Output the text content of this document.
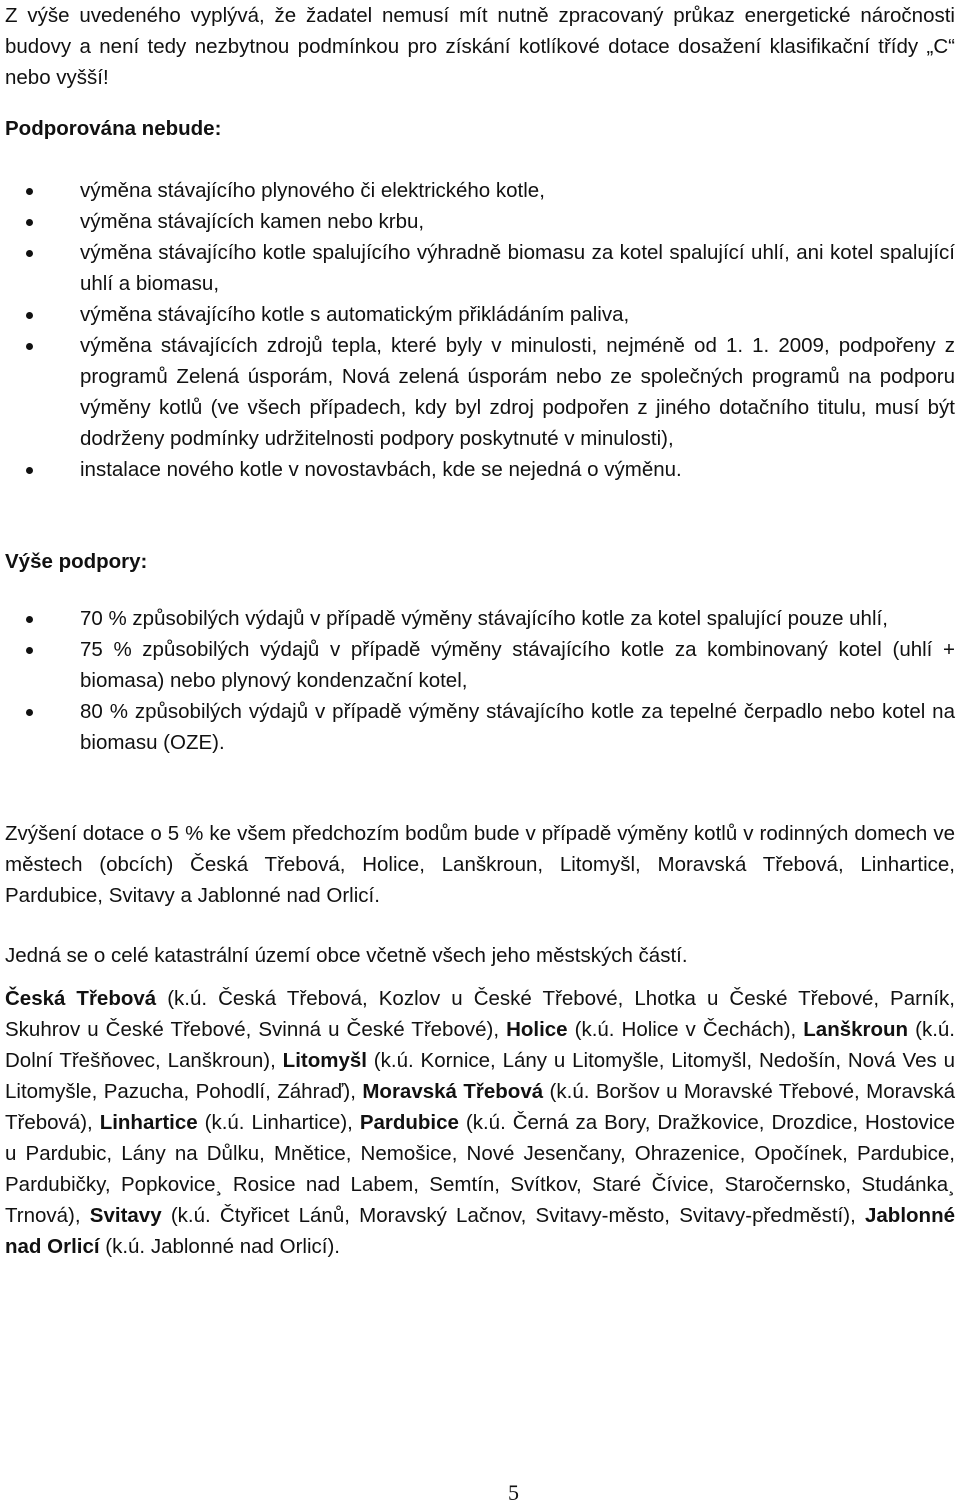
Z výše uvedeného vyplývá, že žadatel nemusí mít nutně zpracovaný průkaz energetické náročnosti budovy a není tedy nezbytnou podmínkou pro získání kotlíkové dotace dosažení klasifikační třídy „C“ nebo vyšší!

Podporována nebude:

výměna stávajícího plynového či elektrického kotle,
výměna stávajících kamen nebo krbu,
výměna stávajícího kotle spalujícího výhradně biomasu za kotel spalující uhlí, ani kotel spalující uhlí a biomasu,
výměna stávajícího kotle s automatickým přikládáním paliva,
výměna stávajících zdrojů tepla, které byly v minulosti, nejméně od 1. 1. 2009, podpořeny z programů Zelená úsporám, Nová zelená úsporám nebo ze společných programů na podporu výměny kotlů (ve všech případech, kdy byl zdroj podpořen z jiného dotačního titulu, musí být dodrženy podmínky udržitelnosti podpory poskytnuté v minulosti),
instalace nového kotle v novostavbách, kde se nejedná o výměnu.

Výše podpory:

70 % způsobilých výdajů v případě výměny stávajícího kotle za kotel spalující pouze uhlí,
75 % způsobilých výdajů v případě výměny stávajícího kotle za kombinovaný kotel (uhlí + biomasa) nebo plynový kondenzační kotel,
80 % způsobilých výdajů v případě výměny stávajícího kotle za tepelné čerpadlo nebo kotel na biomasu (OZE).

Zvýšení dotace o 5 % ke všem předchozím bodům bude v případě výměny kotlů v rodinných domech ve městech (obcích) Česká Třebová, Holice, Lanškroun, Litomyšl, Moravská Třebová, Linhartice, Pardubice, Svitavy a Jablonné nad Orlicí.

Jedná se o celé katastrální území obce včetně všech jeho městských částí.

Česká Třebová (k.ú. Česká Třebová, Kozlov u České Třebové, Lhotka u České Třebové, Parník, Skuhrov u České Třebové, Svinná u České Třebové), Holice (k.ú. Holice v Čechách), Lanškroun (k.ú. Dolní Třešňovec, Lanškroun), Litomyšl (k.ú. Kornice, Lány u Litomyšle, Litomyšl, Nedošín, Nová Ves u Litomyšle, Pazucha, Pohodlí, Záhraď), Moravská Třebová (k.ú. Boršov u Moravské Třebové, Moravská Třebová), Linhartice (k.ú. Linhartice), Pardubice (k.ú. Černá za Bory, Dražkovice, Drozdice, Hostovice u Pardubic, Lány na Důlku, Mnětice, Nemošice, Nové Jesenčany, Ohrazenice, Opočínek, Pardubice, Pardubičky, Popkovice¸ Rosice nad Labem, Semtín, Svítkov, Staré Čívice, Staročernsko, Studánka¸ Trnová), Svitavy (k.ú. Čtyřicet Lánů, Moravský Lačnov, Svitavy-město, Svitavy-předměstí), Jablonné nad Orlicí (k.ú. Jablonné nad Orlicí).

5
